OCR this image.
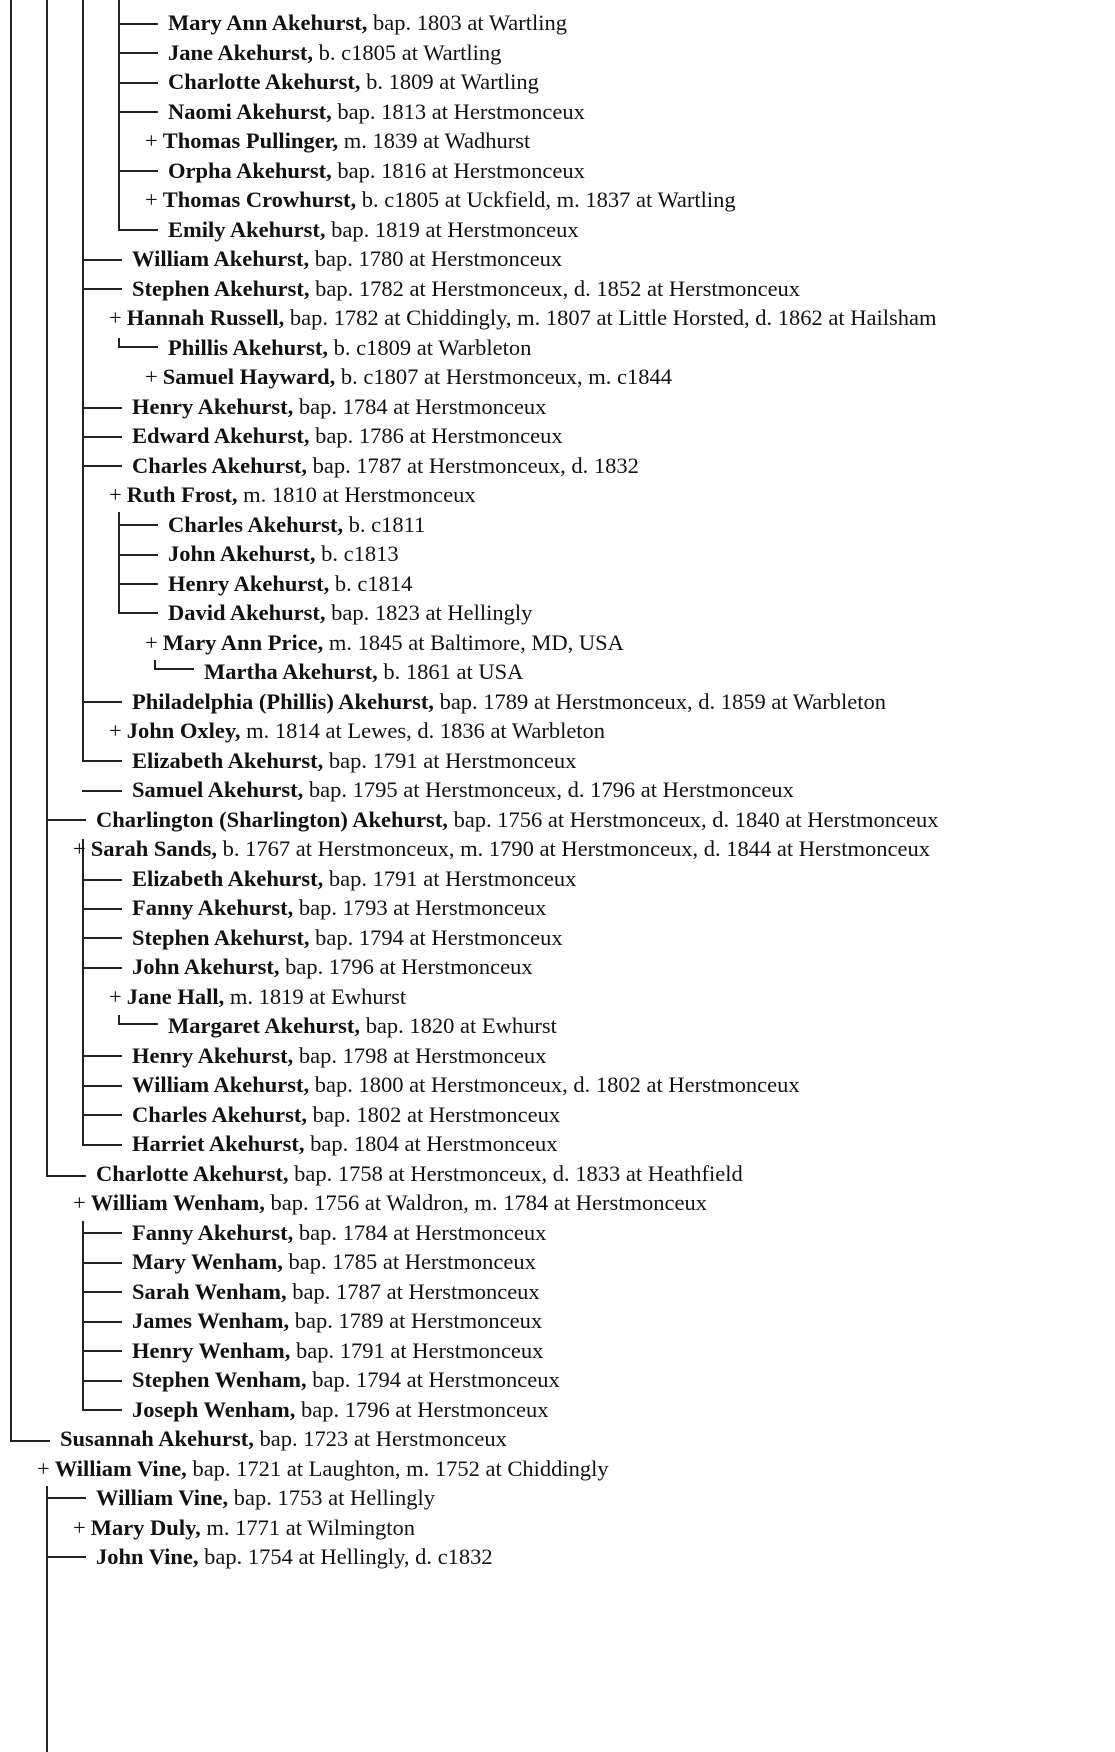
Mary Ann Akehurst, bap. 1803 at Wartling
Jane Akehurst, b. c1805 at Wartling
Charlotte Akehurst, b. 1809 at Wartling
Naomi Akehurst, bap. 1813 at Herstmonceux
+ Thomas Pullinger, m. 1839 at Wadhurst
Orpha Akehurst, bap. 1816 at Herstmonceux
+ Thomas Crowhurst, b. c1805 at Uckfield, m. 1837 at Wartling
Emily Akehurst, bap. 1819 at Herstmonceux
William Akehurst, bap. 1780 at Herstmonceux
Stephen Akehurst, bap. 1782 at Herstmonceux, d. 1852 at Herstmonceux
+ Hannah Russell, bap. 1782 at Chiddingly, m. 1807 at Little Horsted, d. 1862 at Hailsham
Phillis Akehurst, b. c1809 at Warbleton
+ Samuel Hayward, b. c1807 at Herstmonceux, m. c1844
Henry Akehurst, bap. 1784 at Herstmonceux
Edward Akehurst, bap. 1786 at Herstmonceux
Charles Akehurst, bap. 1787 at Herstmonceux, d. 1832
+ Ruth Frost, m. 1810 at Herstmonceux
Charles Akehurst, b. c1811
John Akehurst, b. c1813
Henry Akehurst, b. c1814
David Akehurst, bap. 1823 at Hellingly
+ Mary Ann Price, m. 1845 at Baltimore, MD, USA
Martha Akehurst, b. 1861 at USA
Philadelphia (Phillis) Akehurst, bap. 1789 at Herstmonceux, d. 1859 at Warbleton
+ John Oxley, m. 1814 at Lewes, d. 1836 at Warbleton
Elizabeth Akehurst, bap. 1791 at Herstmonceux
Samuel Akehurst, bap. 1795 at Herstmonceux, d. 1796 at Herstmonceux
Charlington (Sharlington) Akehurst, bap. 1756 at Herstmonceux, d. 1840 at Herstmonceux
+ Sarah Sands, b. 1767 at Herstmonceux, m. 1790 at Herstmonceux, d. 1844 at Herstmonceux
Elizabeth Akehurst, bap. 1791 at Herstmonceux
Fanny Akehurst, bap. 1793 at Herstmonceux
Stephen Akehurst, bap. 1794 at Herstmonceux
John Akehurst, bap. 1796 at Herstmonceux
+ Jane Hall, m. 1819 at Ewhurst
Margaret Akehurst, bap. 1820 at Ewhurst
Henry Akehurst, bap. 1798 at Herstmonceux
William Akehurst, bap. 1800 at Herstmonceux, d. 1802 at Herstmonceux
Charles Akehurst, bap. 1802 at Herstmonceux
Harriet Akehurst, bap. 1804 at Herstmonceux
Charlotte Akehurst, bap. 1758 at Herstmonceux, d. 1833 at Heathfield
+ William Wenham, bap. 1756 at Waldron, m. 1784 at Herstmonceux
Fanny Akehurst, bap. 1784 at Herstmonceux
Mary Wenham, bap. 1785 at Herstmonceux
Sarah Wenham, bap. 1787 at Herstmonceux
James Wenham, bap. 1789 at Herstmonceux
Henry Wenham, bap. 1791 at Herstmonceux
Stephen Wenham, bap. 1794 at Herstmonceux
Joseph Wenham, bap. 1796 at Herstmonceux
Susannah Akehurst, bap. 1723 at Herstmonceux
+ William Vine, bap. 1721 at Laughton, m. 1752 at Chiddingly
William Vine, bap. 1753 at Hellingly
+ Mary Duly, m. 1771 at Wilmington
John Vine, bap. 1754 at Hellingly, d. c1832
